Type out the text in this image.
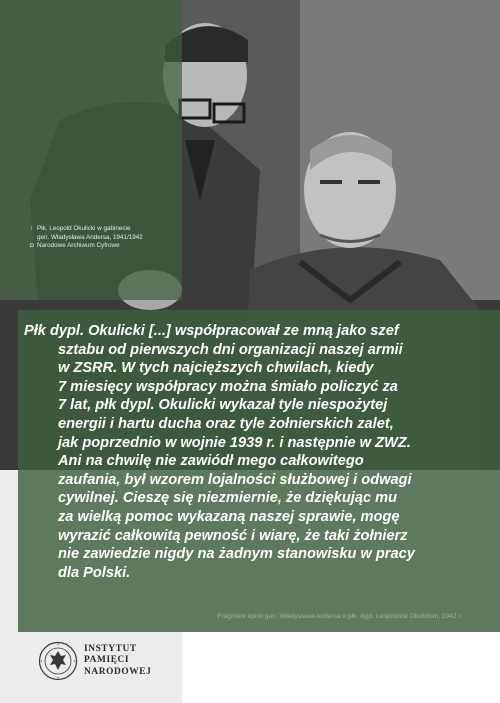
↑ Płk. Leopold Okulicki w gabinecie
gen. Władysława Andersa, 1941/1942
◘ Narodowe Archiwum Cyfrowe
Płk dypl. Okulicki [...] współpracował ze mną jako szef
sztabu od pierwszych dni organizacji naszej armii
w ZSRR. W tych najcięższych chwilach, kiedy
7 miesięcy współpracy można śmiało policzyć za
7 lat, płk dypl. Okulicki wykazał tyle niespożytej
energii i hartu ducha oraz tyle żołnierskich zalet,
jak poprzednio w wojnie 1939 r. i następnie w ZWZ.
Ani na chwilę nie zawiódł mego całkowitego
zaufania, był wzorem lojalności służbowej i odwagi
cywilnej. Cieszę się niezmiernie, że dziękując mu
za wielką pomoc wykazaną naszej sprawie, mogę
wyrazić całkowitą pewność i wiarę, że taki żołnierz
nie zawiedzie nigdy na żadnym stanowisku w pracy
dla Polski.
Fragment opinii gen. Władysława Andersa o płk. dypl. Leopoldzie Okulickim, 1942 r.
INSTYTUT
PAMIĘCI
NARODOWEJ
